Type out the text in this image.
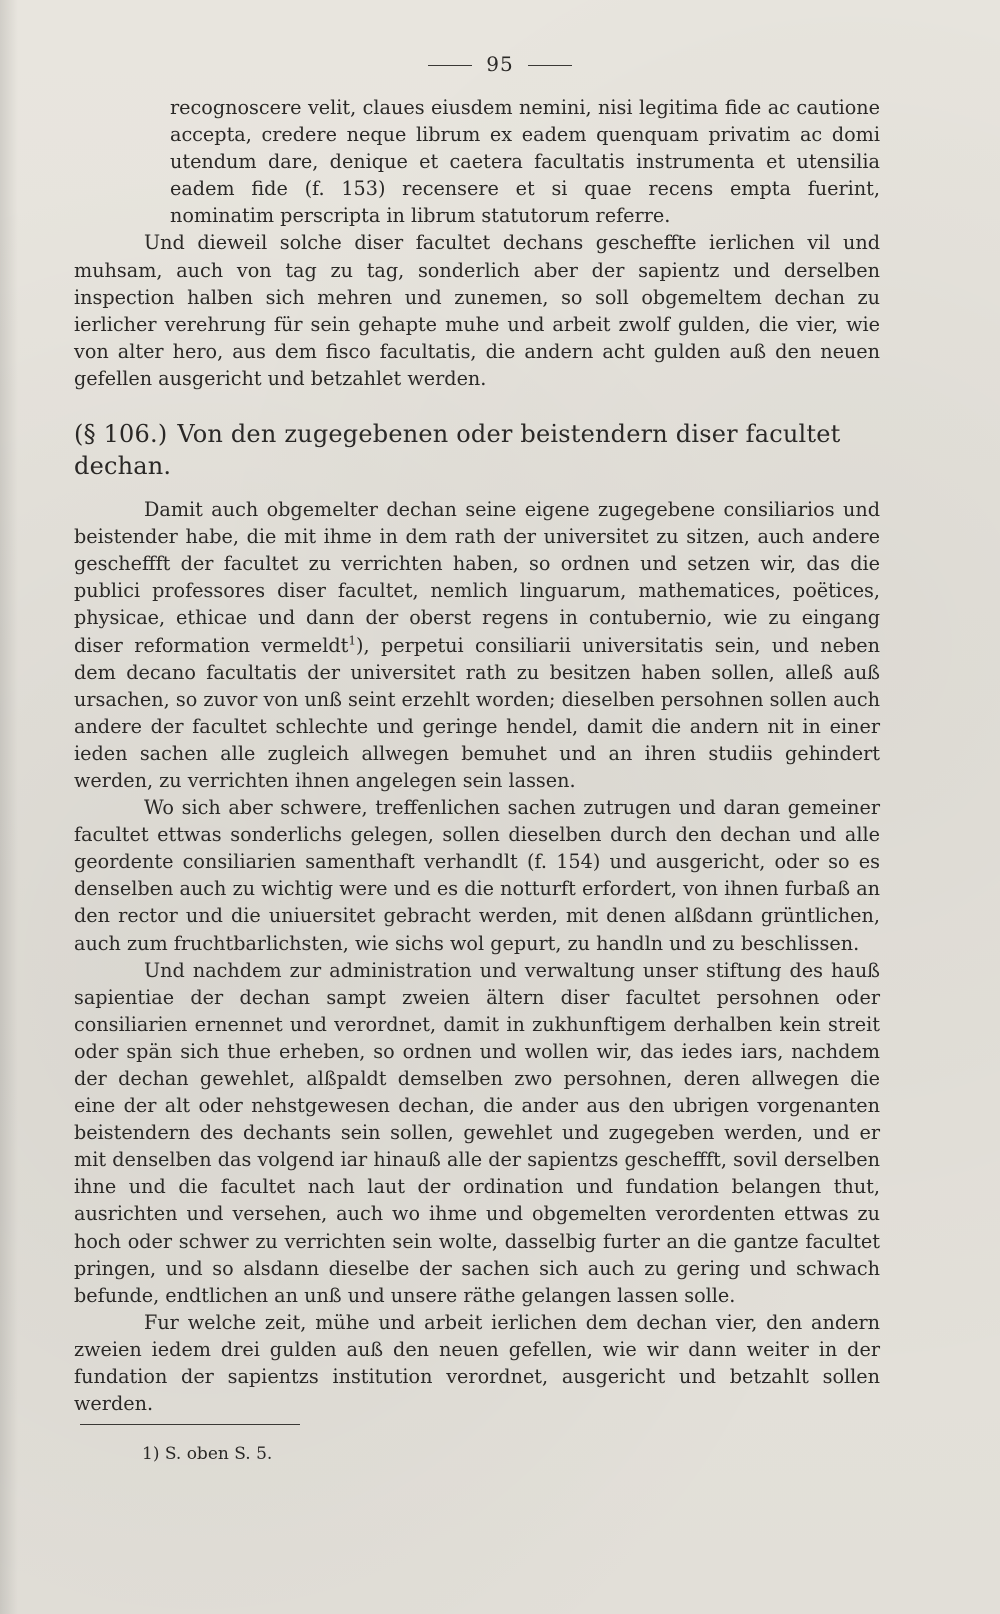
95

recognoscere velit, claues eiusdem nemini, nisi legitima fide ac cautione accepta, credere neque librum ex eadem quenquam privatim ac domi utendum dare, denique et caetera facultatis instrumenta et utensilia eadem fide (f. 153) recensere et si quae recens empta fuerint, nominatim perscripta in librum statutorum referre.

Und dieweil solche diser facultet dechans gescheffte ierlichen vil und muhsam, auch von tag zu tag, sonderlich aber der sapientz und derselben inspection halben sich mehren und zunemen, so soll obgemeltem dechan zu ierlicher verehrung für sein gehapte muhe und arbeit zwolf gulden, die vier, wie von alter hero, aus dem fisco facultatis, die andern acht gulden auß den neuen gefellen ausgericht und betzahlet werden.

(§ 106.) Von den zugegebenen oder beistendern diser facultet dechan.

Damit auch obgemelter dechan seine eigene zugegebene consiliarios und beistender habe, die mit ihme in dem rath der universitet zu sitzen, auch andere gescheffft der facultet zu verrichten haben, so ordnen und setzen wir, das die publici professores diser facultet, nemlich linguarum, mathematices, poëtices, physicae, ethicae und dann der oberst regens in contubernio, wie zu eingang diser reformation vermeldt$^1$), perpetui consiliarii universitatis sein, und neben dem decano facultatis der universitet rath zu besitzen haben sollen, alleß auß ursachen, so zuvor von unß seint erzehlt worden; dieselben persohnen sollen auch andere der facultet schlechte und geringe hendel, damit die andern nit in einer ieden sachen alle zugleich allwegen bemuhet und an ihren studiis gehindert werden, zu verrichten ihnen angelegen sein lassen.

Wo sich aber schwere, treffenlichen sachen zutrugen und daran gemeiner facultet ettwas sonderlichs gelegen, sollen dieselben durch den dechan und alle geordente consiliarien samenthaft verhandlt (f. 154) und ausgericht, oder so es denselben auch zu wichtig were und es die notturft erfordert, von ihnen furbaß an den rector und die uniuersitet gebracht werden, mit denen alßdann grüntlichen, auch zum fruchtbarlichsten, wie sichs wol gepurt, zu handln und zu beschlissen.

Und nachdem zur administration und verwaltung unser stiftung des hauß sapientiae der dechan sampt zweien ältern diser facultet persohnen oder consiliarien ernennet und verordnet, damit in zukhunftigem derhalben kein streit oder spän sich thue erheben, so ordnen und wollen wir, das iedes iars, nachdem der dechan gewehlet, alßpaldt demselben zwo persohnen, deren allwegen die eine der alt oder nehstgewesen dechan, die ander aus den ubrigen vorgenanten beistendern des dechants sein sollen, gewehlet und zugegeben werden, und er mit denselben das volgend iar hinauß alle der sapientzs gescheffft, sovil derselben ihne und die facultet nach laut der ordination und fundation belangen thut, ausrichten und versehen, auch wo ihme und obgemelten verordenten ettwas zu hoch oder schwer zu verrichten sein wolte, dasselbig furter an die gantze facultet pringen, und so alsdann dieselbe der sachen sich auch zu gering und schwach befunde, endtlichen an unß und unsere räthe gelangen lassen solle.

Fur welche zeit, mühe und arbeit ierlichen dem dechan vier, den andern zweien iedem drei gulden auß den neuen gefellen, wie wir dann weiter in der fundation der sapientzs institution verordnet, ausgericht und betzahlt sollen werden.

1) S. oben S. 5.
